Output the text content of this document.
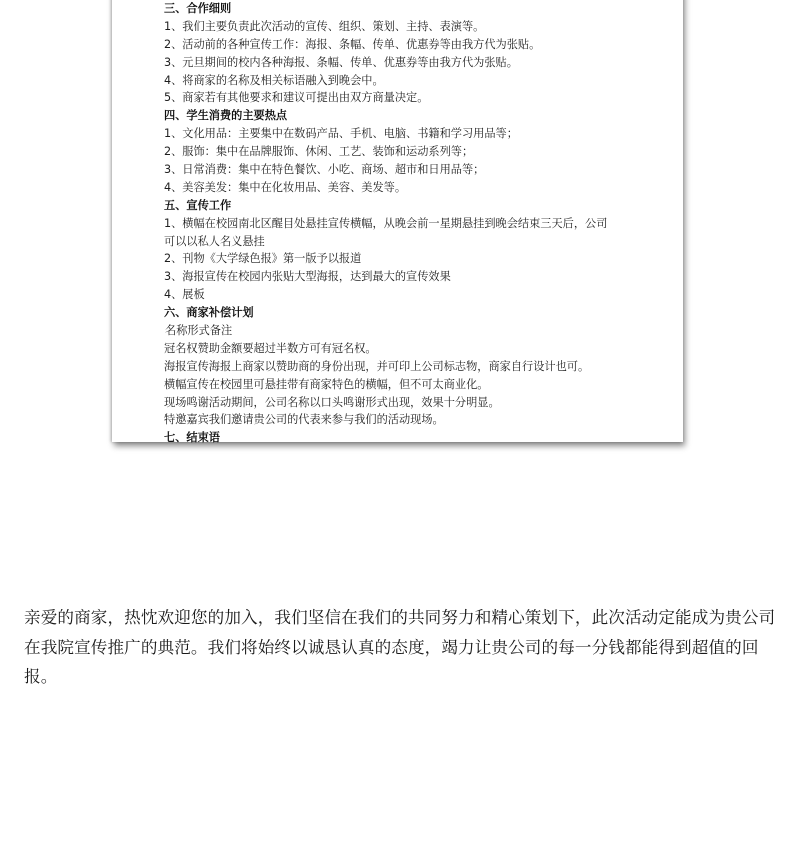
三、合作细则
1、我们主要负责此次活动的宣传、组织、策划、主持、表演等。
2、活动前的各种宣传工作：海报、条幅、传单、优惠券等由我方代为张贴。
3、元旦期间的校内各种海报、条幅、传单、优惠券等由我方代为张贴。
4、将商家的名称及相关标语融入到晚会中。
5、商家若有其他要求和建议可提出由双方商量决定。
四、学生消费的主要热点
1、文化用品：主要集中在数码产品、手机、电脑、书籍和学习用品等；
2、服饰：集中在品牌服饰、休闲、工艺、装饰和运动系列等；
3、日常消费：集中在特色餐饮、小吃、商场、超市和日用品等；
4、美容美发：集中在化妆用品、美容、美发等。
五、宣传工作
1、横幅在校园南北区醒目处悬挂宣传横幅，从晚会前一星期悬挂到晚会结束三天后，公司
可以以私人名义悬挂
2、刊物《大学绿色报》第一版予以报道
3、海报宣传在校园内张贴大型海报，达到最大的宣传效果
4、展板
六、商家补偿计划
名称形式备注
冠名权赞助金额要超过半数方可有冠名权。
海报宣传海报上商家以赞助商的身份出现，并可印上公司标志物，商家自行设计也可。
横幅宣传在校园里可悬挂带有商家特色的横幅，但不可太商业化。
现场鸣谢活动期间，公司名称以口头鸣谢形式出现，效果十分明显。
特邀嘉宾我们邀请贵公司的代表来参与我们的活动现场。
七、结束语
亲爱的商家，热忱欢迎您的加入，我们坚信在我们的共同努力和精心策划下，此次活动定能成为贵公司在我院宣传推广的典范。我们将始终以诚恳认真的态度，竭力让贵公司的每一分钱都能得到超值的回报。
